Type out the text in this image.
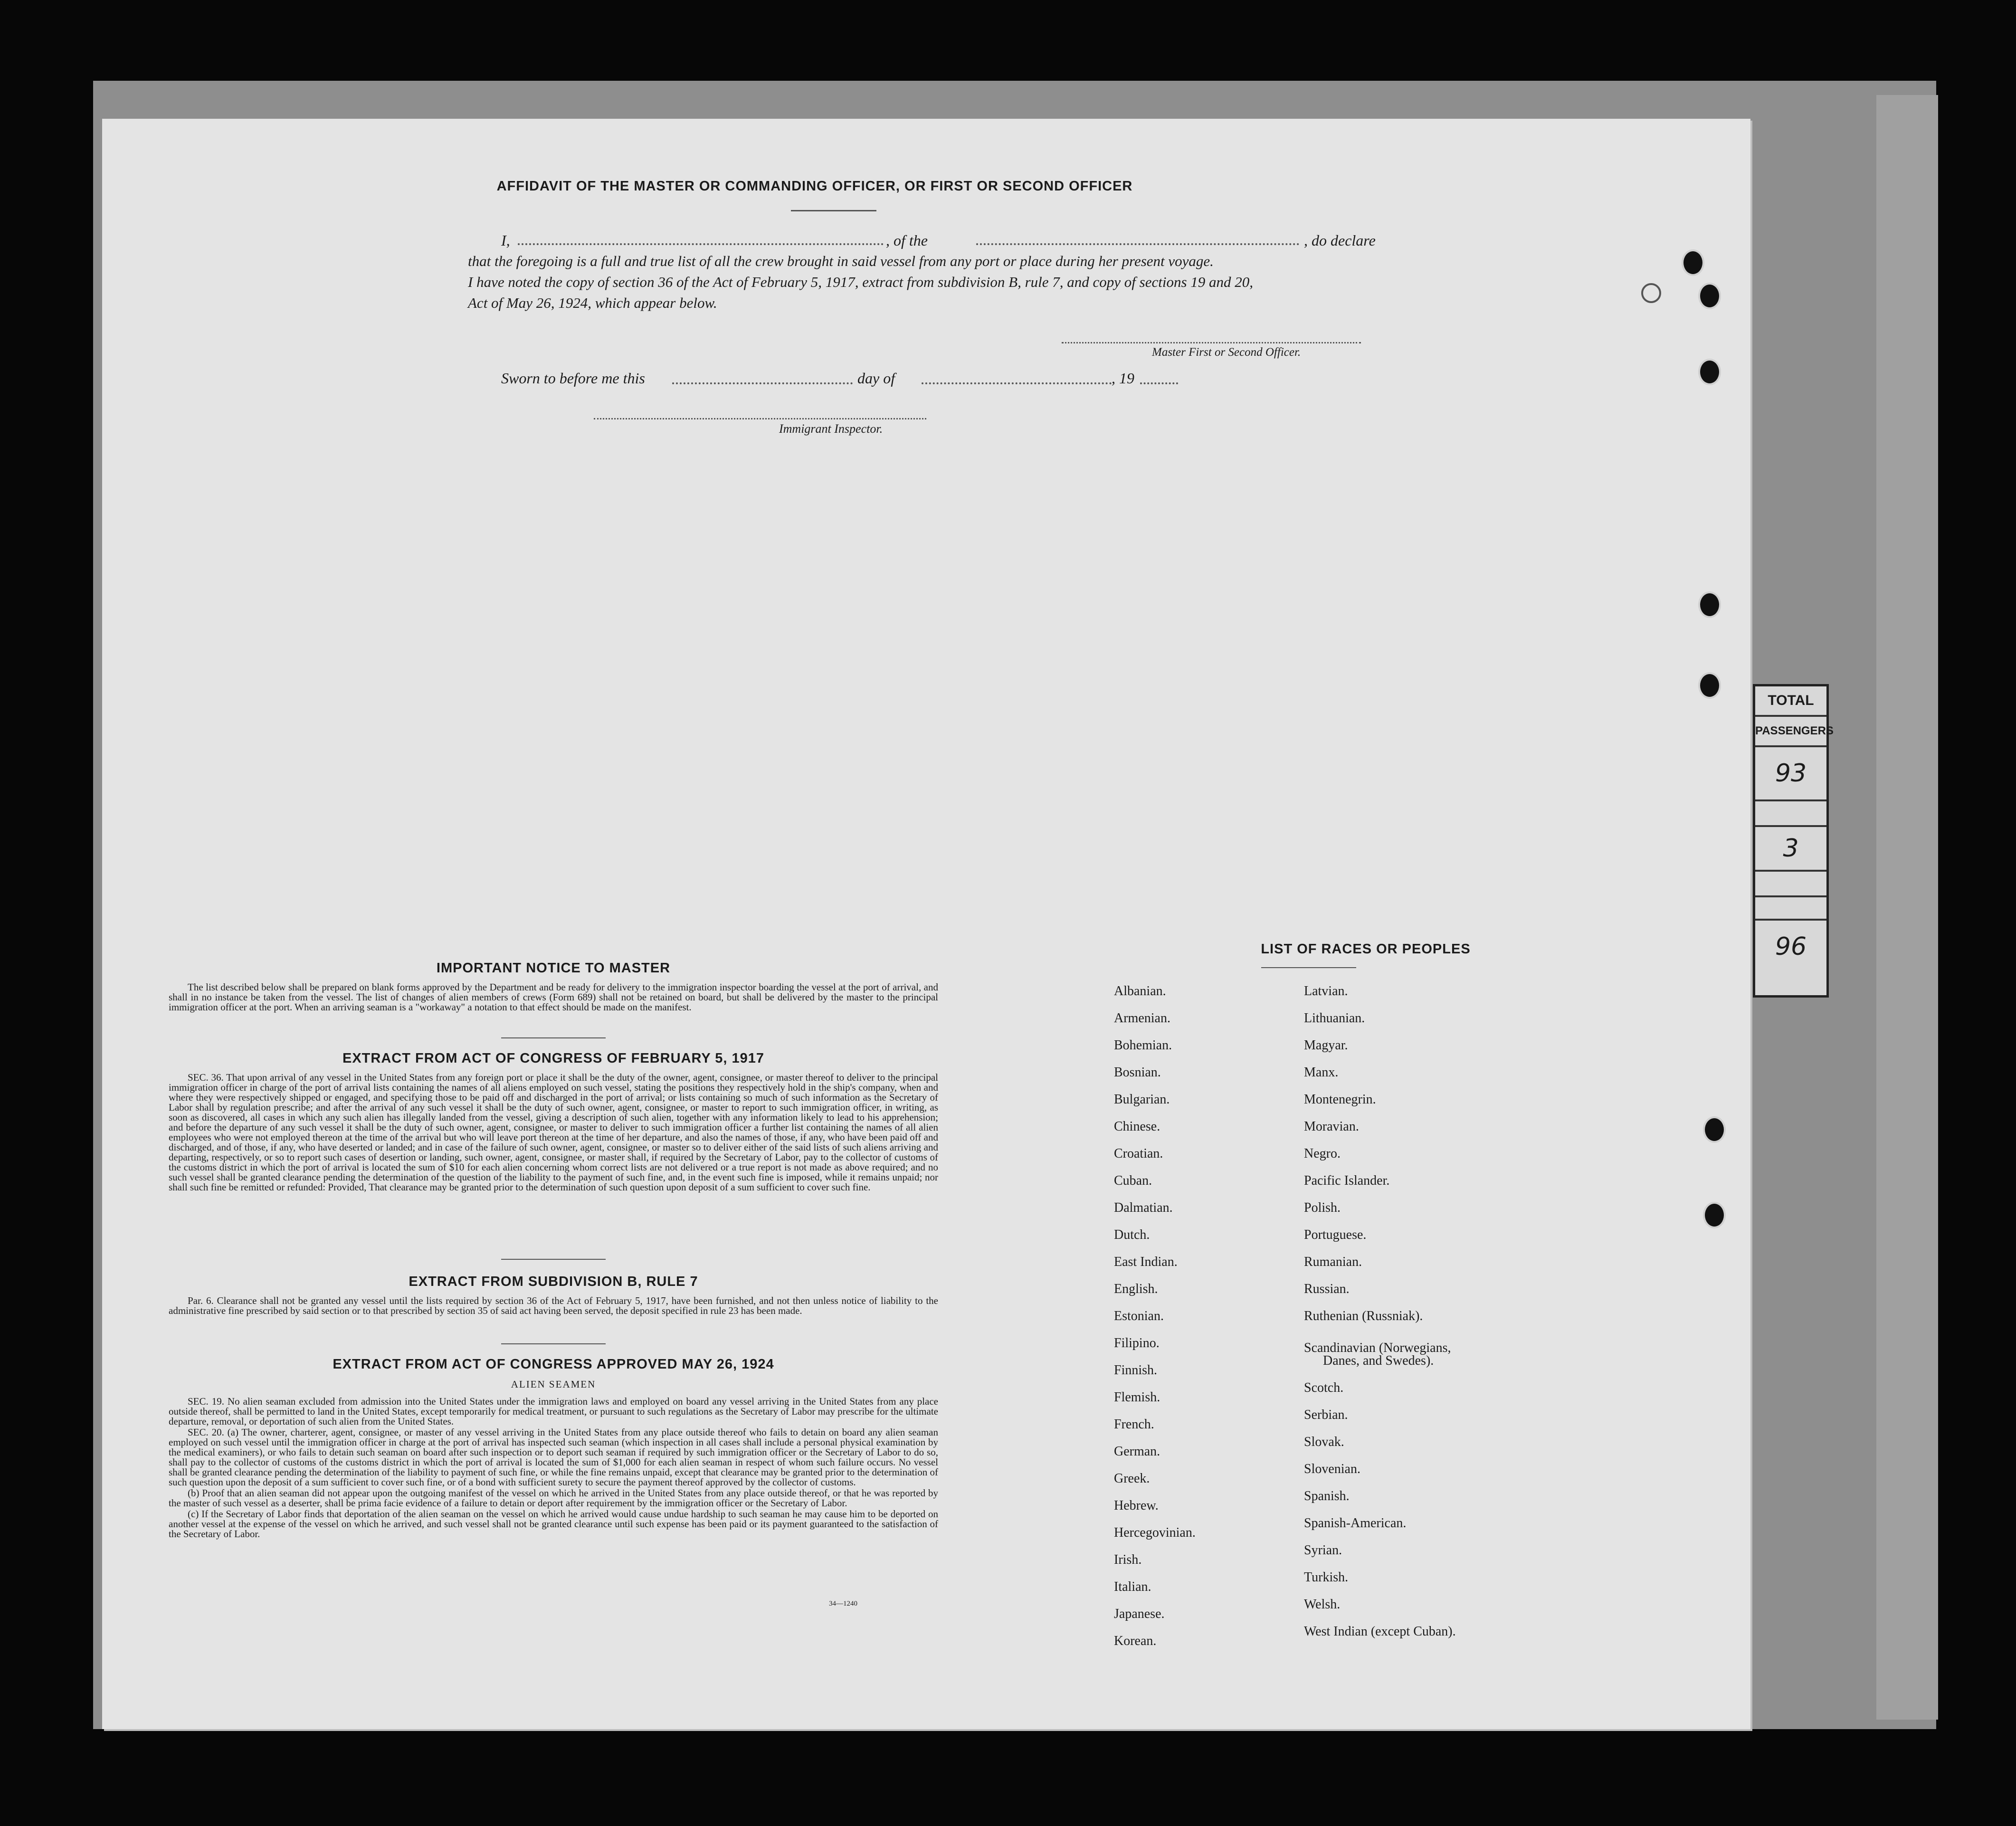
TOTAL
PASSENGERS
93
3
96
AFFIDAVIT OF THE MASTER OR COMMANDING OFFICER, OR FIRST OR SECOND OFFICER
I,	, of the	, do declare
that the foregoing is a full and true list of all the crew brought in said vessel from any port or place during her present voyage.
I have noted the copy of section 36 of the Act of February 5, 1917, extract from subdivision B, rule 7, and copy of sections 19 and 20,
Act of May 26, 1924, which appear below.
Master First or Second Officer.
Sworn to before me this	day of	, 19
Immigrant Inspector.
IMPORTANT NOTICE TO MASTER

The list described below shall be prepared on blank forms approved by the Department and be ready for delivery to the immigration inspector boarding the vessel at the port of arrival, and shall in no instance be taken from the vessel. The list of changes of alien members of crews (Form 689) shall not be retained on board, but shall be delivered by the master to the principal immigration officer at the port. When an arriving seaman is a "workaway" a notation to that effect should be made on the manifest.

EXTRACT FROM ACT OF CONGRESS OF FEBRUARY 5, 1917

SEC. 36. That upon arrival of any vessel in the United States from any foreign port or place it shall be the duty of the owner, agent, consignee, or master thereof to deliver to the principal immigration officer in charge of the port of arrival lists containing the names of all aliens employed on such vessel, stating the positions they respectively hold in the ship's company, when and where they were respectively shipped or engaged, and specifying those to be paid off and discharged in the port of arrival; or lists containing so much of such information as the Secretary of Labor shall by regulation prescribe; and after the arrival of any such vessel it shall be the duty of such owner, agent, consignee, or master to report to such immigration officer, in writing, as soon as discovered, all cases in which any such alien has illegally landed from the vessel, giving a description of such alien, together with any information likely to lead to his apprehension; and before the departure of any such vessel it shall be the duty of such owner, agent, consignee, or master to deliver to such immigration officer a further list containing the names of all alien employees who were not employed thereon at the time of the arrival but who will leave port thereon at the time of her departure, and also the names of those, if any, who have been paid off and discharged, and of those, if any, who have deserted or landed; and in case of the failure of such owner, agent, consignee, or master so to deliver either of the said lists of such aliens arriving and departing, respectively, or so to report such cases of desertion or landing, such owner, agent, consignee, or master shall, if required by the Secretary of Labor, pay to the collector of customs of the customs district in which the port of arrival is located the sum of $10 for each alien concerning whom correct lists are not delivered or a true report is not made as above required; and no such vessel shall be granted clearance pending the determination of the question of the liability to the payment of such fine, and, in the event such fine is imposed, while it remains unpaid; nor shall such fine be remitted or refunded: Provided, That clearance may be granted prior to the determination of such question upon deposit of a sum sufficient to cover such fine.

EXTRACT FROM SUBDIVISION B, RULE 7

Par. 6. Clearance shall not be granted any vessel until the lists required by section 36 of the Act of February 5, 1917, have been furnished, and not then unless notice of liability to the administrative fine prescribed by said section or to that prescribed by section 35 of said act having been served, the deposit specified in rule 23 has been made.

EXTRACT FROM ACT OF CONGRESS APPROVED MAY 26, 1924
ALIEN SEAMEN

SEC. 19. No alien seaman excluded from admission into the United States under the immigration laws and employed on board any vessel arriving in the United States from any place outside thereof, shall be permitted to land in the United States, except temporarily for medical treatment, or pursuant to such regulations as the Secretary of Labor may prescribe for the ultimate departure, removal, or deportation of such alien from the United States.

SEC. 20. (a) The owner, charterer, agent, consignee, or master of any vessel arriving in the United States from any place outside thereof who fails to detain on board any alien seaman employed on such vessel until the immigration officer in charge at the port of arrival has inspected such seaman (which inspection in all cases shall include a personal physical examination by the medical examiners), or who fails to detain such seaman on board after such inspection or to deport such seaman if required by such immigration officer or the Secretary of Labor to do so, shall pay to the collector of customs of the customs district in which the port of arrival is located the sum of $1,000 for each alien seaman in respect of whom such failure occurs. No vessel shall be granted clearance pending the determination of the liability to payment of such fine, or while the fine remains unpaid, except that clearance may be granted prior to the determination of such question upon the deposit of a sum sufficient to cover such fine, or of a bond with sufficient surety to secure the payment thereof approved by the collector of customs.

(b) Proof that an alien seaman did not appear upon the outgoing manifest of the vessel on which he arrived in the United States from any place outside thereof, or that he was reported by the master of such vessel as a deserter, shall be prima facie evidence of a failure to detain or deport after requirement by the immigration officer or the Secretary of Labor.

(c) If the Secretary of Labor finds that deportation of the alien seaman on the vessel on which he arrived would cause undue hardship to such seaman he may cause him to be deported on another vessel at the expense of the vessel on which he arrived, and such vessel shall not be granted clearance until such expense has been paid or its payment guaranteed to the satisfaction of the Secretary of Labor.

34—1240
LIST OF RACES OR PEOPLES
Albanian.
Armenian.
Bohemian.
Bosnian.
Bulgarian.
Chinese.
Croatian.
Cuban.
Dalmatian.
Dutch.
East Indian.
English.
Estonian.
Filipino.
Finnish.
Flemish.
French.
German.
Greek.
Hebrew.
Hercegovinian.
Irish.
Italian.
Japanese.
Korean.
Latvian.
Lithuanian.
Magyar.
Manx.
Montenegrin.
Moravian.
Negro.
Pacific Islander.
Polish.
Portuguese.
Rumanian.
Russian.
Ruthenian (Russniak).
Scandinavian (Norwegians,
Danes, and Swedes).
Scotch.
Serbian.
Slovak.
Slovenian.
Spanish.
Spanish-American.
Syrian.
Turkish.
Welsh.
West Indian (except Cuban).
